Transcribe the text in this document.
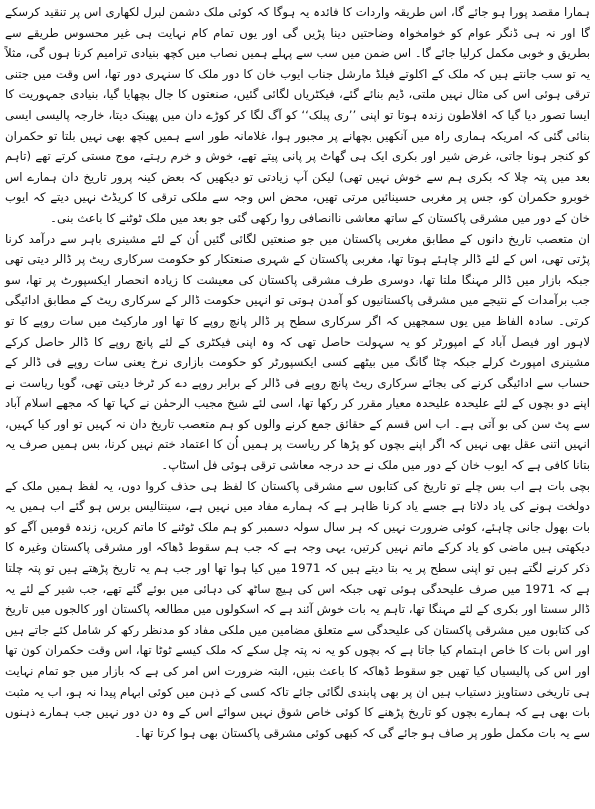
ہمارا مقصد پورا ہو جائے گا، اس طریقہ واردات کا فائدہ یہ ہوگا کہ کوئی ملک دشمن لبرل لکھاری اس پر تنقید کرسکے گا اور نہ ہی ڈنگر عوام کو خوامخواہ وضاحتیں دینا پڑیں گی اور یوں تمام کام نہایت ہی غیر محسوس طریقے سے بطریق و خوبی مکمل کرلیا جائے گا۔ اس ضمن میں سب سے پہلے ہمیں نصاب میں کچھ بنیادی ترامیم کرنا ہوں گی، مثلاً یہ تو سب جانتے ہیں کہ ملک کے اکلوتے فیلڈ مارشل جناب ایوب خان کا دور ملک کا سنہری دور تھا، اس وقت میں جتنی ترقی ہوئی اس کی مثال نہیں ملتی، ڈیم بنائے گئے، فیکٹریاں لگائی گئیں، صنعتوں کا جال بچھایا گیا، بنیادی جمہوریت کا ایسا تصور دیا گیا کہ افلاطون زندہ ہوتا تو اپنی ’’ری پبلک‘‘ کو آگ لگا کر کوڑے دان میں پھینک دیتا، خارجہ پالیسی ایسی بنائی گئی کہ امریکہ ہماری راہ میں آنکھیں بچھانے پر مجبور ہوا، غلامانہ طور اسے ہمیں کچھ بھی نہیں بلتا تو حکمران کو کنجر ہونا جاتی، غرض شیر اور بکری ایک ہی گھاٹ پر پانی پیتے تھے، خوش و خرم رہتے، موج مستی کرتے تھے (تاہم بعد میں پتہ چلا کہ بکری ہم سے خوش نہیں تھی) لیکن آپ زیادتی تو دیکھیں کہ بعض کینہ پرور تاریخ دان ہمارے اس خوبرو حکمران کو، جس پر مغربی حسینائیں مرتی تھیں، محض اس وجہ سے ملکی ترقی کا کریڈٹ نہیں دیتے کہ ایوب خان کے دور میں مشرقی پاکستان کے ساتھ معاشی ناانصافی روا رکھی گئی جو بعد میں ملک ٹوٹنے کا باعث بنی۔

ان متعصب تاریخ دانوں کے مطابق مغربی پاکستان میں جو صنعتیں لگائی گئیں اُن کے لئے مشینری باہر سے درآمد کرنا پڑتی تھی، اس کے لئے ڈالر چاہئے ہوتا تھا، مغربی پاکستان کے شہری صنعتکار کو حکومت سرکاری ریٹ پر ڈالر دیتی تھی جبکہ بازار میں ڈالر مہنگا ملتا تھا، دوسری طرف مشرقی پاکستان کی معیشت کا زیادہ انحصار ایکسپورٹ پر تھا، سو جب برآمدات کے نتیجے میں مشرقی پاکستانیوں کو آمدن ہوتی تو انہیں حکومت ڈالر کے سرکاری ریٹ کے مطابق ادائیگی کرتی۔ سادہ الفاظ میں یوں سمجھیں کہ اگر سرکاری سطح پر ڈالر پانچ روپے کا تھا اور مارکیٹ میں سات روپے کا تو لاہور اور فیصل آباد کے امپورٹر کو یہ سہولت حاصل تھی کہ وہ اپنی فیکٹری کے لئے پانچ روپے کا ڈالر حاصل کرکے مشینری امپورٹ کرلے جبکہ چٹا گانگ میں بیٹھے کسی ایکسپورٹر کو حکومت بازاری نرخ یعنی سات روپے فی ڈالر کے حساب سے ادائیگی کرنے کی بجائے سرکاری ریٹ پانچ روپے فی ڈالر کے برابر روپے دے کر ٹرخا دیتی تھی، گویا ریاست نے اپنے دو بچوں کے لئے علیحدہ علیحدہ معیار مقرر کر رکھا تھا، اسی لئے شیخ مجیب الرحمٰن نے کہا تھا کہ مجھے اسلام آباد سے پٹ سن کی بو آتی ہے۔ اب اس قسم کے حقائق جمع کرنے والوں کو ہم متعصب تاریخ دان نہ کہیں تو اور کیا کہیں، انہیں اتنی عقل بھی نہیں کہ اگر اپنے بچوں کو پڑھا کر ریاست پر ہمیں اُن کا اعتماد ختم نہیں کرنا، بس ہمیں صرف یہ بتانا کافی ہے کہ ایوب خان کے دور میں ملک نے حد درجہ معاشی ترقی ہوئی فل اسٹاپ۔

بچی بات ہے اب بس چلے تو تاریخ کی کتابوں سے مشرقی پاکستان کا لفظ ہی حذف کروا دوں، یہ لفظ ہمیں ملک کے دولخت ہونے کی یاد دلاتا ہے جسے یاد کرنا ظاہر ہے کہ ہمارے مفاد میں نہیں ہے، سینتالیس برس ہو گئے اب ہمیں یہ بات بھول جانی چاہئے، کوئی ضرورت نہیں کہ ہر سال سولہ دسمبر کو ہم ملک ٹوٹنے کا ماتم کریں، زندہ قومیں آگے کو دیکھتی ہیں ماضی کو یاد کرکے ماتم نہیں کرتیں، یہی وجہ ہے کہ جب ہم سقوط ڈھاکہ اور مشرقی پاکستان وغیرہ کا ذکر کرنے لگتے ہیں تو اپنی سطح پر یہ بتا دیتے ہیں کہ 1971 میں کیا ہوا تھا اور جب ہم یہ تاریخ پڑھتے ہیں تو پتہ چلتا ہے کہ 1971 میں صرف علیحدگی ہوئی تھی جبکہ اس کی ہیچ ساٹھ کی دہائی میں بوئے گئے تھے، جب شیر کے لئے یہ ڈالر سستا اور بکری کے لئے مہنگا تھا، تاہم یہ بات خوش آئند ہے کہ اسکولوں میں مطالعہ پاکستان اور کالجوں میں تاریخ کی کتابوں میں مشرقی پاکستان کی علیحدگی سے متعلق مضامین میں ملکی مفاد کو مدنظر رکھ کر شامل کئے جاتے ہیں اور اس بات کا خاص اہتمام کیا جاتا ہے کہ بچوں کو یہ نہ پتہ چل سکے کہ ملک کیسے ٹوٹا تھا، اس وقت حکمران کون تھا اور اس کی پالیسیاں کیا تھیں جو سقوط ڈھاکہ کا باعث بنیں، البتہ ضرورت اس امر کی ہے کہ بازار میں جو تمام نہایت ہی تاریخی دستاویز دستیاب ہیں ان پر بھی پابندی لگائی جائے تاکہ کسی کے ذہن میں کوئی ابہام پیدا نہ ہو، اب یہ مثبت بات بھی ہے کہ ہمارے بچوں کو تاریخ پڑھنے کا کوئی خاص شوق نہیں سوائے اس کے وہ دن دور نہیں جب ہمارے ذہنوں سے یہ بات مکمل طور پر صاف ہو جائے گی کہ کبھی کوئی مشرقی پاکستان بھی ہوا کرتا تھا۔
